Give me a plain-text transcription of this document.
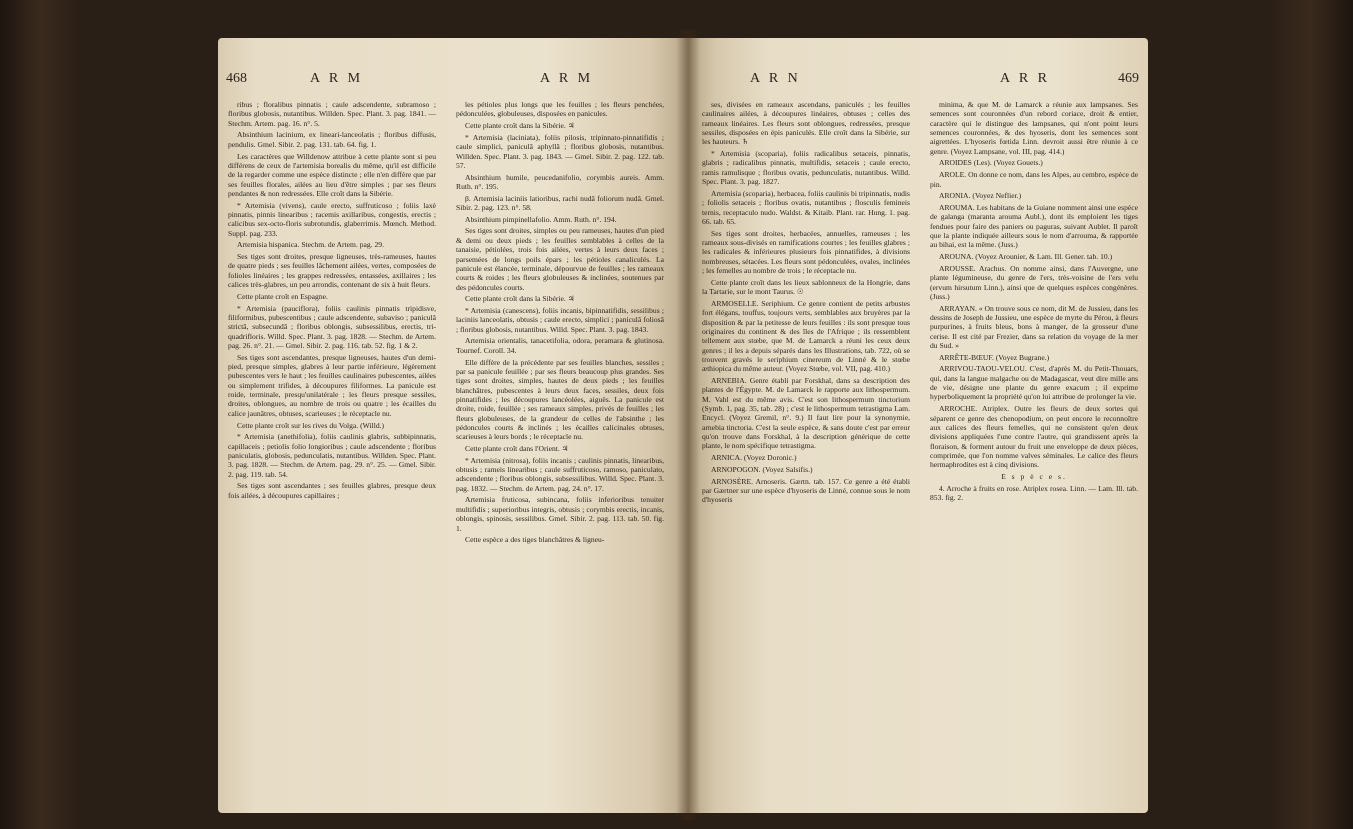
468	A R M	A R M

ribus ; floralibus pinnatis ; caule adscendente, subramoso ; floribus globosis, nutantibus. Willden. Spec. Plant. 3. pag. 1841. — Stechm. Artem. pag. 16. n°. 5.

Absinthium lacinium, ex lineari-lanceolatis ; floribus diffusis, pendulis. Gmel. Sibir. 2. pag. 131. tab. 64. fig. 1.

Les caractères que Willdenow attribue à cette plante sont si peu différens de ceux de l'artemisia borealis du même, qu'il est difficile de la regarder comme une espèce distincte ; elle n'en diffère que par ses feuilles florales, ailées au lieu d'être simples ; par ses fleurs pendantes & non redressées. Elle croît dans la Sibérie.

* Artemisia (vivens), caule erecto, suffruticoso ; foliis laxè pinnatis, pinnis linearibus ; racemis axillaribus, congestis, erectis ; calicibus sex-octo-floris subrotundis, glaberrimis. Mœnch. Method. Suppl. pag. 233.

Artemisia hispanica. Stechm. de Artem. pag. 29.

Ses tiges sont droites, presque ligneuses, très-rameuses, hautes de quatre pieds ; ses feuilles lâchement ailées, vertes, composées de folioles linéaires ; les grappes redressées, entassées, axillaires ; les calices très-glabres, un peu arrondis, contenant de six à huit fleurs.

Cette plante croît en Espagne.

* Artemisia (pauciflora), foliis caulinis pinnatis tripidisve, filiformibus, pubescentibus ; caule adscendente, subaviso ; paniculâ strictâ, subsecundâ ; floribus oblongis, subsessilibus, erectis, tri-quadrifloris. Willd. Spec. Plant. 3. pag. 1828. — Stechm. de Artem. pag. 26. n°. 21. — Gmel. Sibir. 2. pag. 116. tab. 52. fig. 1 & 2.

Ses tiges sont ascendantes, presque ligneuses, hautes d'un demi-pied, presque simples, glabres à leur partie inférieure, légèrement pubescentes vers le haut ; les feuilles caulinaires pubescentes, ailées ou simplement trifides, à découpures filiformes. La panicule est roide, terminale, presqu'unilatérale ; les fleurs presque sessiles, droites, oblongues, au nombre de trois ou quatre ; les écailles du calice jaunâtres, obtuses, scarieuses ; le réceptacle nu.

Cette plante croît sur les rives du Volga. (Willd.)

* Artemisia (anethifolia), foliis caulinis glabris, subbipinnatis, capillaceis ; petiolis folio longioribus ; caule adscendente ; floribus paniculatis, globosis, pedunculatis, nutantibus. Willden. Spec. Plant. 3. pag. 1828. — Stechm. de Artem. pag. 29. n°. 25. — Gmel. Sibir. 2. pag. 119. tab. 54.

Ses tiges sont ascendantes ; ses feuilles glabres, presque deux fois ailées, à découpures capillaires ;

les pétioles plus longs que les feuilles ; les fleurs penchées, pédonculées, globuleuses, disposées en panicules.

Cette plante croît dans la Sibérie. ♃

* Artemisia (laciniata), foliis pilosis, tripinnato-pinnatifidis ; caule simplici, paniculâ aphyllâ ; floribus globosis, nutantibus. Willden. Spec. Plant. 3. pag. 1843. — Gmel. Sibir. 2. pag. 122. tab. 57.

Absinthium humile, peucedanifolio, corymbis aureis. Amm. Ruth. n°. 195.

β. Artemisia laciniis latioribus, rachi nudâ foliorum nudâ. Gmel. Sibir. 2. pag. 123. n°. 58.

Absinthium pimpinellafolio. Amm. Ruth. n°. 194.

Ses tiges sont droites, simples ou peu rameuses, hautes d'un pied & demi ou deux pieds ; les feuilles semblables à celles de la tanaisie, pétiolées, trois fois ailées, vertes à leurs deux faces ; parsemées de longs poils épars ; les pétioles canaliculés. La panicule est élancée, terminale, dépourvue de feuilles ; les rameaux courts & roides ; les fleurs globuleuses & inclinées, soutenues par des pédoncules courts.

Cette plante croît dans la Sibérie. ♃

* Artemisia (canescens), foliis incanis, bipinnatifidis, sessilibus ; laciniis lanceolatis, obtusis ; caule erecto, simplici ; paniculâ foliosâ ; floribus globosis, nutantibus. Willd. Spec. Plant. 3. pag. 1843.

Artemisia orientalis, tanacetifolia, odora, peramara & glutinosa. Tournef. Coroll. 34.

Elle diffère de la précédente par ses feuilles blanches, sessiles ; par sa panicule feuillée ; par ses fleurs beaucoup plus grandes. Ses tiges sont droites, simples, hautes de deux pieds ; les feuilles blanchâtres, pubescentes à leurs deux faces, sessiles, deux fois pinnatifides ; les découpures lancéolées, aiguës. La panicule est droite, roide, feuillée ; ses rameaux simples, privés de feuilles ; les fleurs globuleuses, de la grandeur de celles de l'absinthe ; les pédoncules courts & inclinés ; les écailles calicinales obtuses, scarieuses à leurs bords ; le réceptacle nu.

Cette plante croît dans l'Orient. ♃

* Artemisia (nitrosa), foliis incanis ; caulinis pinnatis, linearibus, obtusis ; rameis linearibus ; caule suffruticoso, ramoso, paniculato, adscendente ; floribus oblongis, subsessilibus. Willd. Spec. Plant. 3. pag. 1832. — Stechm. de Artem. pag. 24. n°. 17.

Artemisia fruticosa, subincana, foliis inferioribus tenuiter multifidis ; superioribus integris, obtusis ; corymbis erectis, incanis, oblongis, spinosis, sessilibus. Gmel. Sibir. 2. pag. 113. tab. 50. fig. 1.

Cette espèce a des tiges blanchâtres & ligneu-

A R N	A R R	469

ses, divisées en rameaux ascendans, paniculés ; les feuilles caulinaires ailées, à découpures linéaires, obtuses ; celles des rameaux linéaires. Les fleurs sont oblongues, redressées, presque sessiles, disposées en épis paniculés. Elle croît dans la Sibérie, sur les hauteurs. ♄

* Artemisia (scoparia), foliis radicalibus setaceis, pinnatis, glabris ; radicalibus pinnatis, multifidis, setaceis ; caule erecto, ramis ramulisque ; floribus ovatis, pedunculatis, nutantibus. Willd. Spec. Plant. 3. pag. 1827.

Artemisia (scoparia), herbacea, foliis caulinis bi tripinnatis, nudis ; foliolis setaceis ; floribus ovatis, nutantibus ; flosculis femineis ternis, receptaculo nudo. Waldst. & Kitaib. Plant. rar. Hung. 1. pag. 66. tab. 65.

Ses tiges sont droites, herbacées, annuelles, rameuses ; les rameaux sous-divisés en ramifications courtes ; les feuilles glabres ; les radicales & inférieures plusieurs fois pinnatifides, à divisions nombreuses, sétacées. Les fleurs sont pédonculées, ovales, inclinées ; les femelles au nombre de trois ; le réceptacle nu.

Cette plante croît dans les lieux sablonneux de la Hongrie, dans la Tartarie, sur le mont Taurus. ☉

ARMOSELLE. Seriphium. Ce genre contient de petits arbustes fort élégans, touffus, toujours verts, semblables aux bruyères par la disposition & par la petitesse de leurs feuilles : ils sont presque tous originaires du continent & des îles de l'Afrique ; ils ressemblent tellement aux stœbe, que M. de Lamarck a réuni les ceux deux genres ; il les a depuis séparés dans les Illustrations, tab. 722, où se trouvent gravés le seriphium cinereum de Linné & le stœbe æthiopica du même auteur. (Voyez Stœbe, vol. VII, pag. 410.)

ARNEBIA. Genre établi par Forskhal, dans sa description des plantes de l'Égypte. M. de Lamarck le rapporte aux lithospermum. M. Vahl est du même avis. C'est son lithospermum tinctorium (Symb. 1, pag. 35, tab. 28) ; c'est le lithospermum tetrastigma Lam. Encycl. (Voyez Gremil, n°. 9.) Il faut lire pour la synonymie, arnebia tinctoria. C'est la seule espèce, & sans doute c'est par erreur qu'on trouve dans Forskhal, à la description générique de cette plante, le nom spécifique tetrastigma.

ARNICA. (Voyez Doronic.)

ARNOPOGON. (Voyez Salsifis.)

ARNOSÈRE. Arnoseris. Gærtn. tab. 157. Ce genre a été établi par Gærtner sur une espèce d'hyoseris de Linné, connue sous le nom d'hyoseris

minima, & que M. de Lamarck a réunie aux lampsanes. Ses semences sont couronnées d'un rebord coriace, droit & entier, caractère qui le distingue des lampsanes, qui n'ont point leurs semences couronnées, & des hyoseris, dont les semences sont aigrettées. L'hyoseris fœtida Linn. devroit aussi être réunie à ce genre. (Voyez Lampsane, vol. III, pag. 414.)

AROIDES (Les). (Voyez Gouets.)

AROLE. On donne ce nom, dans les Alpes, au cembro, espèce de pin.

ARONIA. (Voyez Neflier.)

AROUMA. Les habitans de la Guiane nomment ainsi une espèce de galanga (maranta arouma Aubl.), dont ils emploient les tiges fendues pour faire des paniers ou paguras, suivant Aublet. Il paroît que la plante indiquée ailleurs sous le nom d'arrouma, & rapportée au bihai, est la même. (Juss.)

AROUNA. (Voyez Arounier, & Lam. Ill. Gener. tab. 10.)

AROUSSE. Arachus. On nomme ainsi, dans l'Auvergne, une plante légumineuse, du genre de l'ers, très-voisine de l'ers velu (ervum hirsutum Linn.), ainsi que de quelques espèces congénères. (Juss.)

ARRAYAN. « On trouve sous ce nom, dit M. de Jussieu, dans les dessins de Joseph de Jussieu, une espèce de myrte du Pérou, à fleurs purpurines, à fruits bleus, bons à manger, de la grosseur d'une cerise. Il est cité par Frezier, dans sa relation du voyage de la mer du Sud. »

ARRÊTE-BŒUF. (Voyez Bugrane.)

ARRIVOU-TAOU-VELOU. C'est, d'après M. du Petit-Thouars, qui, dans la langue malgache ou de Madagascar, veut dire mille ans de vie, désigne une plante du genre exacum ; il exprime hyperboliquement la propriété qu'on lui attribue de prolonger la vie.

ARROCHE. Atriplex. Outre les fleurs de deux sortes qui séparent ce genre des chenopodium, on peut encore le reconnoître aux calices des fleurs femelles, qui ne consistent qu'en deux divisions appliquées l'une contre l'autre, qui grandissent après la floraison, & forment autour du fruit une enveloppe de deux pièces, comprimée, que l'on nomme valves séminales. Le calice des fleurs hermaphrodites est à cinq divisions.

E s p è c e s.

4. Arroche à fruits en rose. Atriplex rosea. Linn. — Lam. Ill. tab. 853. fig. 2.
